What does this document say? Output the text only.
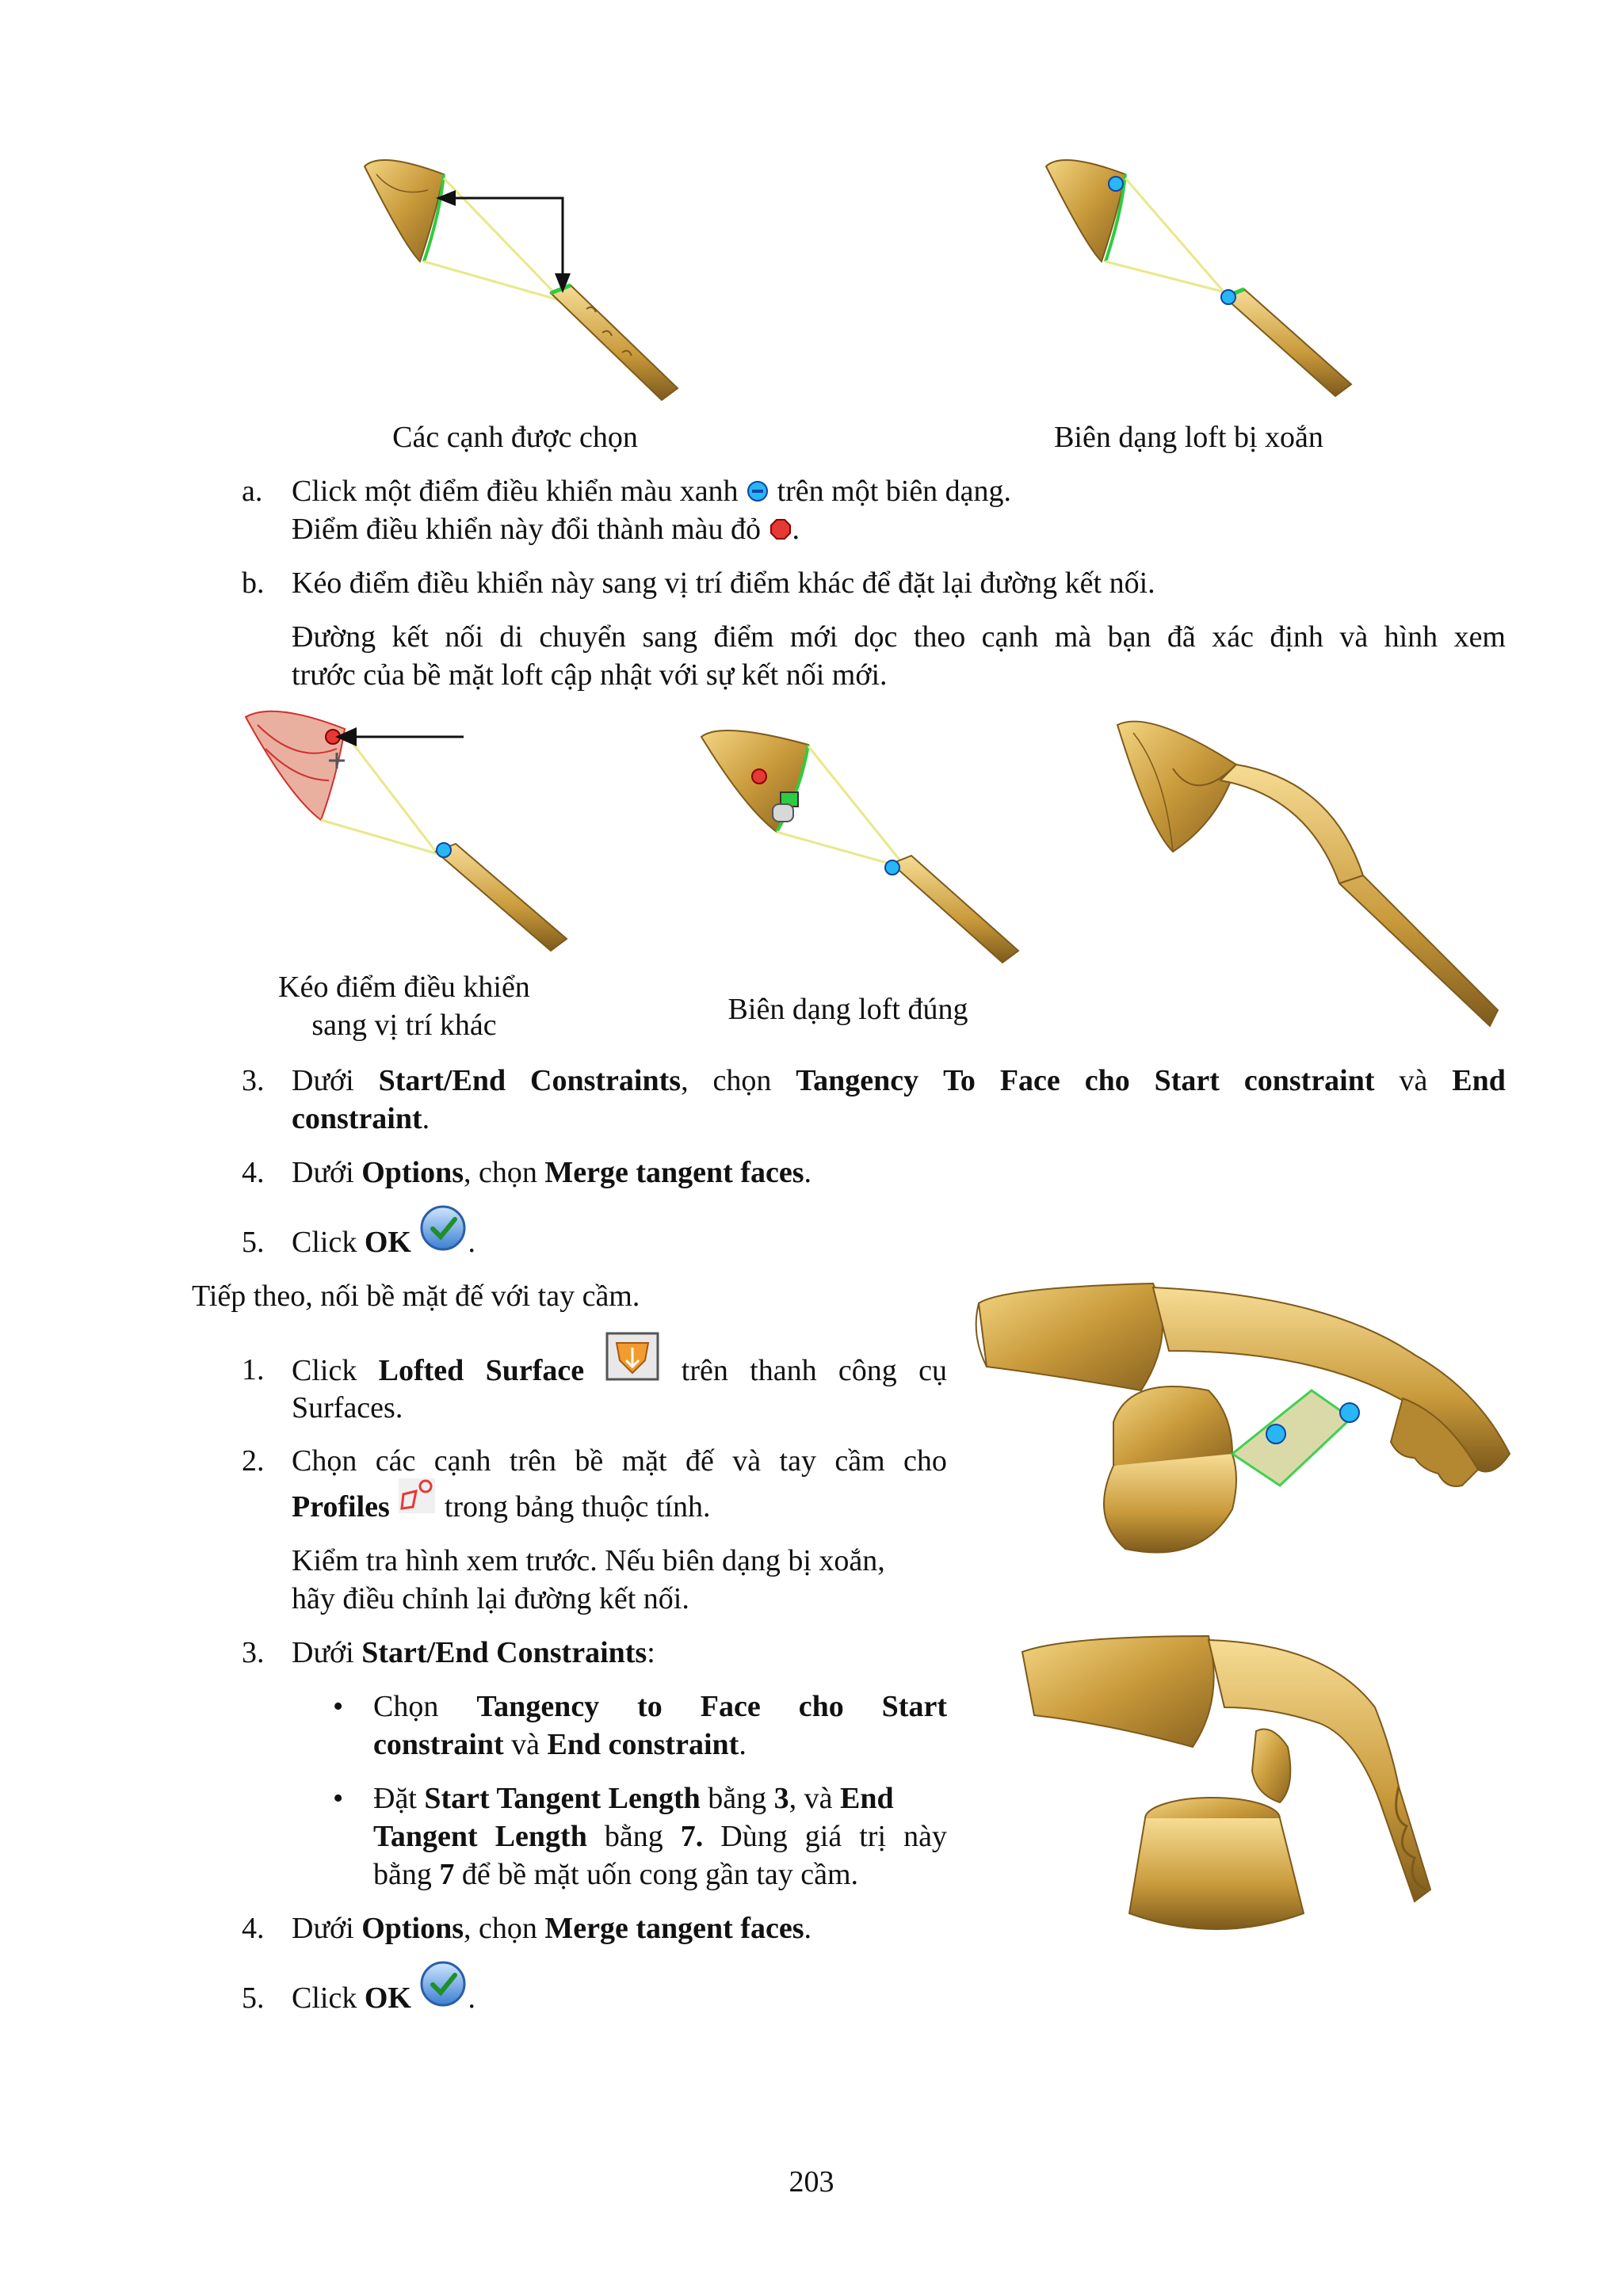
Các cạnh được chọn	Biên dạng loft bị xoắn
a. Click một điểm điều khiển màu xanh trên một biên dạng.
Điểm điều khiển này đổi thành màu đỏ .
b. Kéo điểm điều khiển này sang vị trí điểm khác để đặt lại đường kết nối.
Đường kết nối di chuyển sang điểm mới dọc theo cạnh mà bạn đã xác định và hình xem
trước của bề mặt loft cập nhật với sự kết nối mới.
Kéo điểm điều khiển
sang vị trí khác	Biên dạng loft đúng
3. Dưới Start/End Constraints, chọn Tangency To Face cho Start constraint và End
constraint.
4. Dưới Options, chọn Merge tangent faces.
5. Click OK .
Tiếp theo, nối bề mặt đế với tay cầm.
1. Click Lofted Surface	trên thanh công cụ
Surfaces.
2. Chọn các cạnh trên bề mặt đế và tay cầm cho
Profiles trong bảng thuộc tính.
Kiểm tra hình xem trước. Nếu biên dạng bị xoắn,
hãy điều chỉnh lại đường kết nối.
3. Dưới Start/End Constraints:
• Chọn Tangency to Face cho Start
constraint và End constraint.
• Đặt Start Tangent Length bằng 3, và End
Tangent Length bằng 7. Dùng giá trị này
bằng 7 để bề mặt uốn cong gần tay cầm.
4. Dưới Options, chọn Merge tangent faces.
5. Click OK .
203
